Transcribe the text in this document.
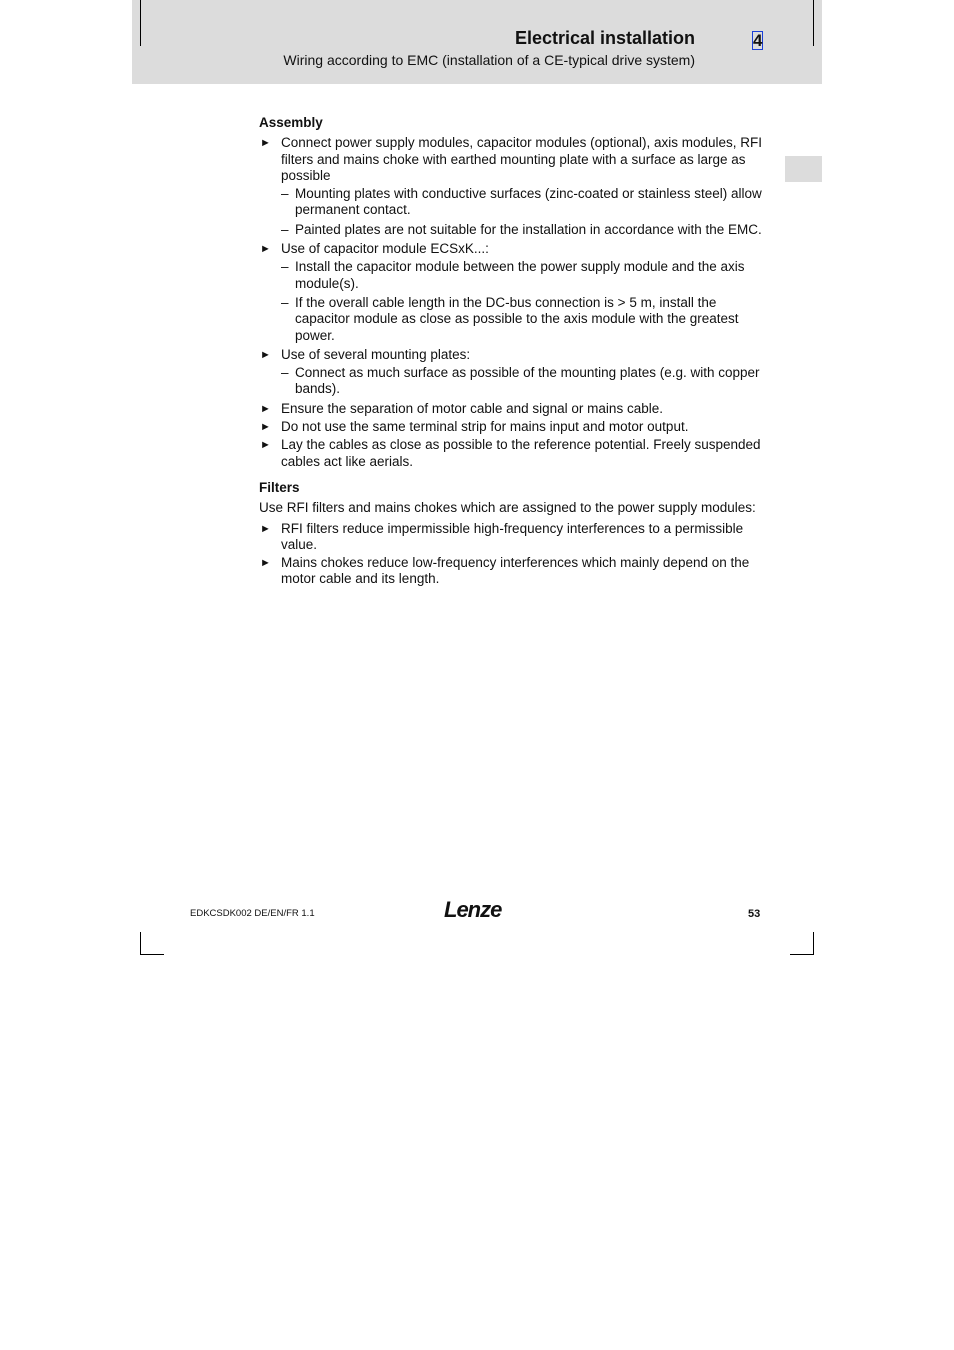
Electrical installation
Wiring according to EMC (installation of a CE-typical drive system)
4
Assembly
► Connect power supply modules, capacitor modules (optional), axis modules, RFI filters and mains choke with earthed mounting plate with a surface as large as possible
– Mounting plates with conductive surfaces (zinc-coated or stainless steel) allow permanent contact.
– Painted plates are not suitable for the installation in accordance with the EMC.
► Use of capacitor module ECSxK...:
– Install the capacitor module between the power supply module and the axis module(s).
– If the overall cable length in the DC-bus connection is > 5 m, install the capacitor module as close as possible to the axis module with the greatest power.
► Use of several mounting plates:
– Connect as much surface as possible of the mounting plates (e.g. with copper bands).
► Ensure the separation of motor cable and signal or mains cable.
► Do not use the same terminal strip for mains input and motor output.
► Lay the cables as close as possible to the reference potential. Freely suspended cables act like aerials.
Filters
Use RFI filters and mains chokes which are assigned to the power supply modules:
► RFI filters reduce impermissible high-frequency interferences to a permissible value.
► Mains chokes reduce low-frequency interferences which mainly depend on the motor cable and its length.
EDKCSDK002 DE/EN/FR 1.1	Lenze	53
